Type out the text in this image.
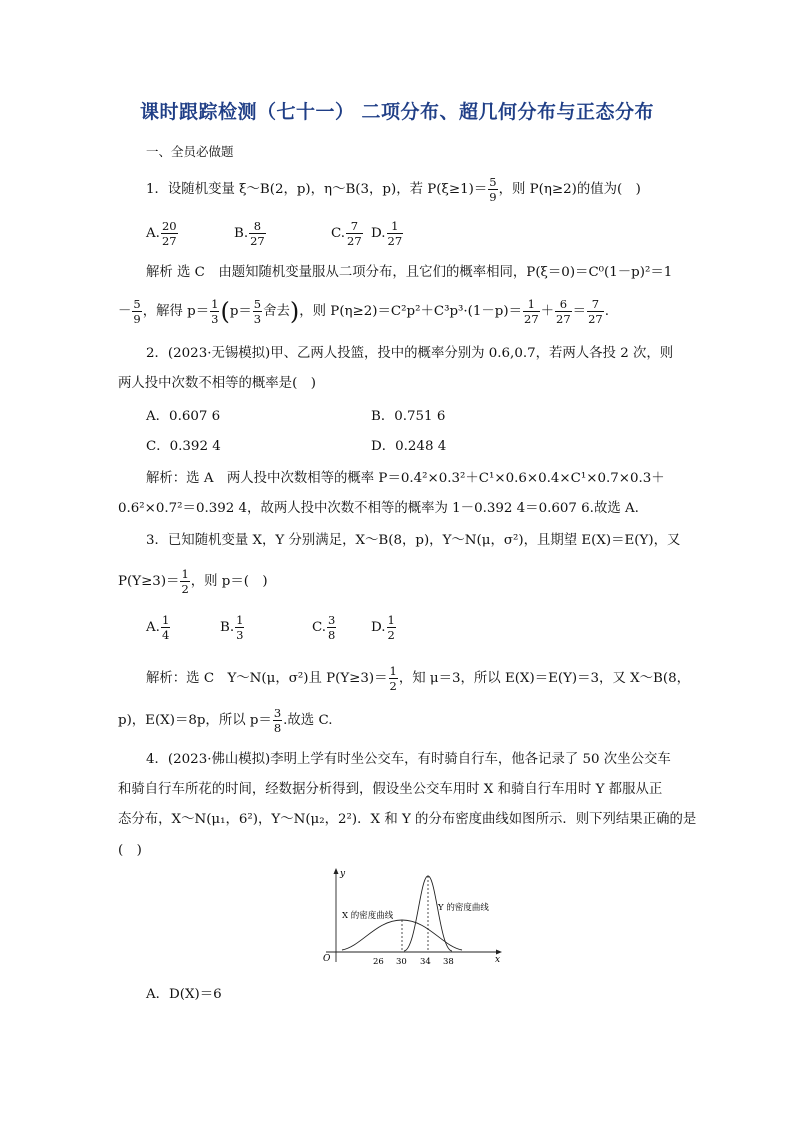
课时跟踪检测（七十一） 二项分布、超几何分布与正态分布
一、全员必做题
1．设随机变量 ξ～B(2，p)，η～B(3，p)，若 $P(\xi\ge 1)= \frac{5}{9}$ ，则 P(η≥2)的值为(　)
A. $\frac{20}{27}$	B. $\frac{8}{27}$	C. $\frac{7}{27} D$. $\frac{1}{27}$
解析 选 C　由题知随机变量服从二项分布，且它们的概率相同，P(ξ＝0)＝C⁰(1－p)²＝1
－ $\frac{5}{9}$ ，解得 $p= \frac{1}{3} (p= \frac{5}{3}$ 舍去)，则 $P(\eta\ge 2)=C^2p^2+C^3p^3\cdot(1-p)= \frac{1}{27} + \frac{6}{27} = \frac{7}{27}$ .
2．(2023·无锡模拟)甲、乙两人投篮，投中的概率分别为 0.6,0.7，若两人各投 2 次，则
两人投中次数不相等的概率是(　)
A．0.607 6	B．0.751 6
C．0.392 4	D．0.248 4
解析：选 A　两人投中次数相等的概率 P＝0.4²×0.3²＋C¹×0.6×0.4×C¹×0.7×0.3＋
0.6²×0.7²＝0.392 4，故两人投中次数不相等的概率为 1－0.392 4＝0.607 6.故选 A.
3．已知随机变量 X，Y 分别满足，X～B(8，p)，Y～N(μ，σ²)，且期望 E(X)＝E(Y)，又
$P(Y\ge 3)= \frac{1}{2}$ ，则 p＝(　)
A. $\frac{1}{4}$	B. $\frac{1}{3}$	C. $\frac{3}{8}$	D. $\frac{1}{2}$
解析：选 C　Y～N(μ，σ²)且 $P(Y\ge 3)= \frac{1}{2}$ ，知 μ＝3，所以 E(X)＝E(Y)＝3，又 X～B(8，
p)，E(X)＝8p，所以 $p= \frac{3}{8}$ .故选 C.
4．(2023·佛山模拟)李明上学有时坐公交车，有时骑自行车，他各记录了 50 次坐公交车
和骑自行车所花的时间，经数据分析得到，假设坐公交车用时 X 和骑自行车用时 Y 都服从正
态分布，X～N(μ₁，6²)，Y～N(μ₂，2²)．X 和 Y 的分布密度曲线如图所示．则下列结果正确的是
(　)
y
x
O
X 的密度曲线
Y 的密度曲线
26 30 34 38
A．D(X)＝6
